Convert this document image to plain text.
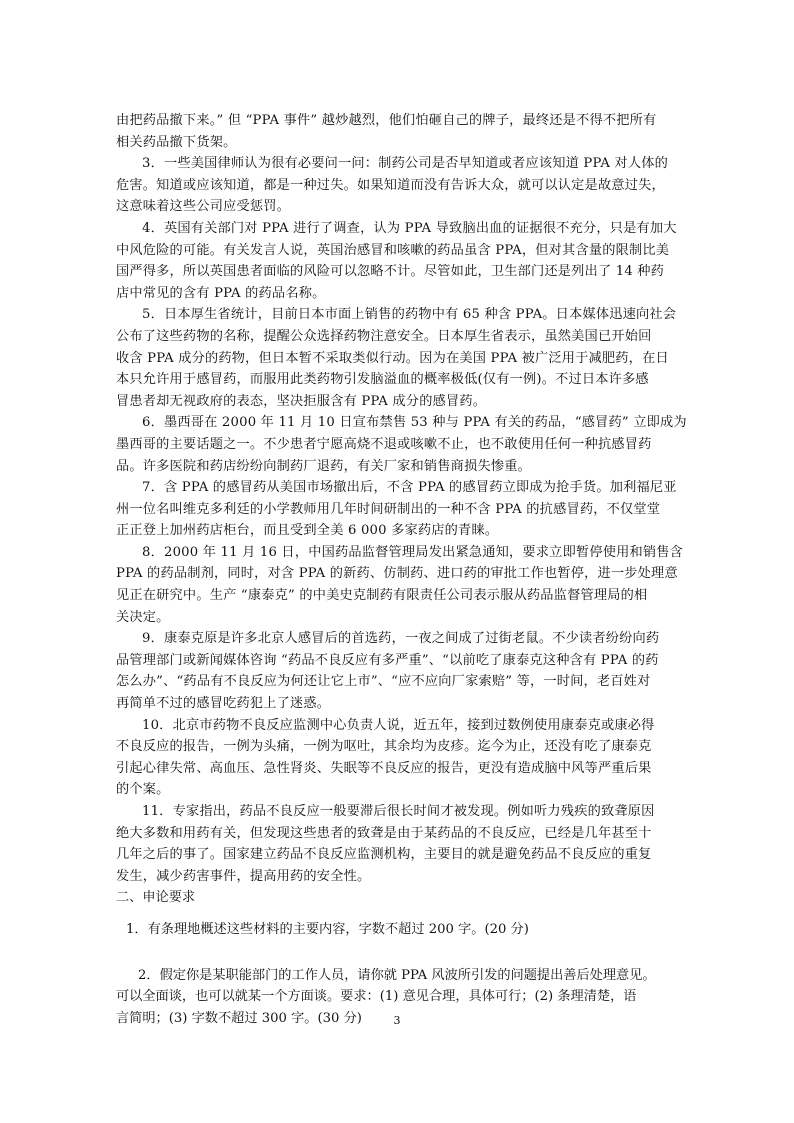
由把药品撤下来。” 但 “PPA 事件” 越炒越烈，他们怕砸自己的牌子，最终还是不得不把所有
相关药品撤下货架。

3．一些美国律师认为很有必要问一问：制药公司是否早知道或者应该知道 PPA 对人体的
危害。知道或应该知道，都是一种过失。如果知道而没有告诉大众，就可以认定是故意过失，
这意味着这些公司应受惩罚。

4．英国有关部门对 PPA 进行了调查，认为 PPA 导致脑出血的证据很不充分，只是有加大
中风危险的可能。有关发言人说，英国治感冒和咳嗽的药品虽含 PPA，但对其含量的限制比美
国严得多，所以英国患者面临的风险可以忽略不计。尽管如此，卫生部门还是列出了 14 种药
店中常见的含有 PPA 的药品名称。

5．日本厚生省统计，目前日本市面上销售的药物中有 65 种含 PPA。日本媒体迅速向社会
公布了这些药物的名称，提醒公众选择药物注意安全。日本厚生省表示，虽然美国已开始回
收含 PPA 成分的药物，但日本暂不采取类似行动。因为在美国 PPA 被广泛用于减肥药，在日
本只允许用于感冒药，而服用此类药物引发脑溢血的概率极低(仅有一例)。不过日本许多感
冒患者却无视政府的表态，坚决拒服含有 PPA 成分的感冒药。

6．墨西哥在 2000 年 11 月 10 日宣布禁售 53 种与 PPA 有关的药品，“感冒药” 立即成为
墨西哥的主要话题之一。不少患者宁愿高烧不退或咳嗽不止，也不敢使用任何一种抗感冒药
品。许多医院和药店纷纷向制药厂退药，有关厂家和销售商损失惨重。

7．含 PPA 的感冒药从美国市场撤出后，不含 PPA 的感冒药立即成为抢手货。加利福尼亚
州一位名叫维克多利廷的小学教师用几年时间研制出的一种不含 PPA 的抗感冒药，不仅堂堂
正正登上加州药店柜台，而且受到全美 6 000 多家药店的青睐。

8．2000 年 11 月 16 日，中国药品监督管理局发出紧急通知，要求立即暂停使用和销售含
PPA 的药品制剂，同时，对含 PPA 的新药、仿制药、进口药的审批工作也暂停，进一步处理意
见正在研究中。生产 “康泰克” 的中美史克制药有限责任公司表示服从药品监督管理局的相
关决定。

9．康泰克原是许多北京人感冒后的首选药，一夜之间成了过街老鼠。不少读者纷纷向药
品管理部门或新闻媒体咨询 “药品不良反应有多严重”、“以前吃了康泰克这种含有 PPA 的药
怎么办”、“药品有不良反应为何还让它上市”、“应不应向厂家索赔” 等，一时间，老百姓对
再简单不过的感冒吃药犯上了迷惑。

10．北京市药物不良反应监测中心负责人说，近五年，接到过数例使用康泰克或康必得
不良反应的报告，一例为头痛，一例为呕吐，其余均为皮疹。迄今为止，还没有吃了康泰克
引起心律失常、高血压、急性肾炎、失眠等不良反应的报告，更没有造成脑中风等严重后果
的个案。

11．专家指出，药品不良反应一般要滞后很长时间才被发现。例如听力残疾的致聋原因
绝大多数和用药有关，但发现这些患者的致聋是由于某药品的不良反应，已经是几年甚至十
几年之后的事了。国家建立药品不良反应监测机构，主要目的就是避免药品不良反应的重复
发生，减少药害事件，提高用药的安全性。

二、申论要求
1．有条理地概述这些材料的主要内容，字数不超过 200 字。(20 分)
2．假定你是某职能部门的工作人员，请你就 PPA 风波所引发的问题提出善后处理意见。
可以全面谈，也可以就某一个方面谈。要求：(1) 意见合理，具体可行；(2) 条理清楚，语
言简明；(3) 字数不超过 300 字。(30 分)	3
